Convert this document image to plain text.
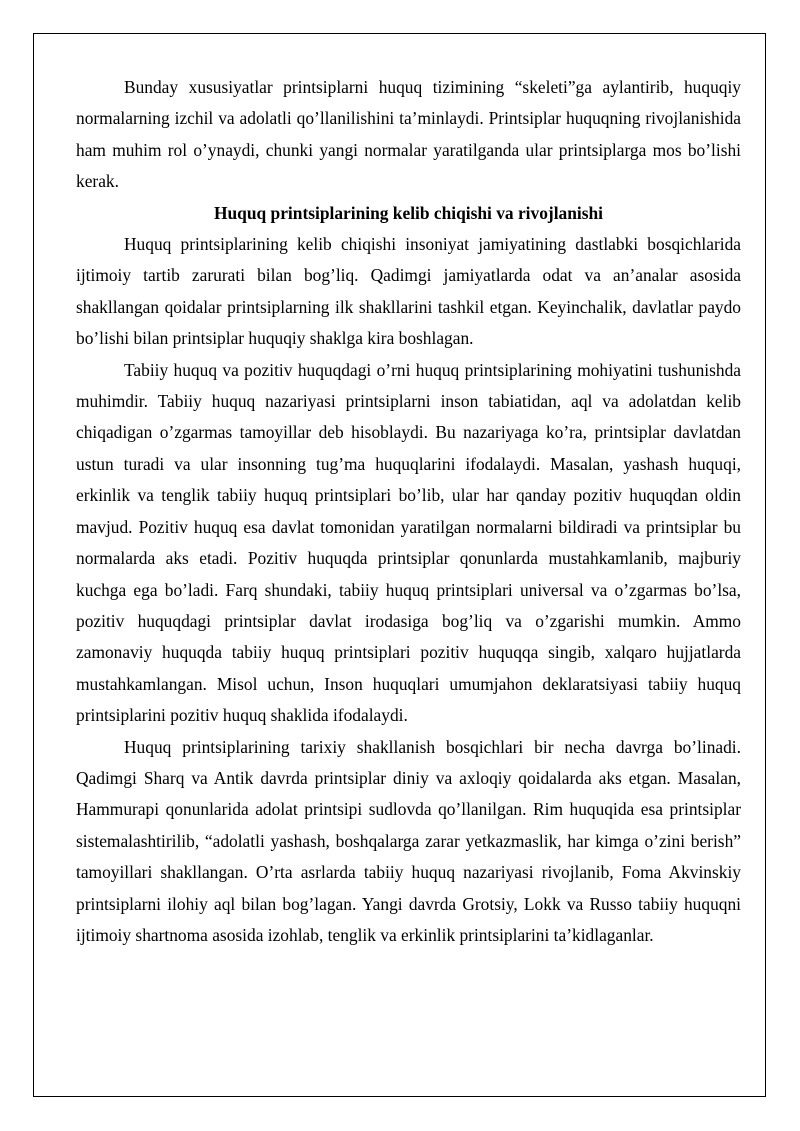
Bunday xususiyatlar printsiplarni huquq tizimining “skeleti”ga aylantirib, huquqiy normalarning izchil va adolatli qo’llanilishini ta’minlaydi. Printsiplar huquqning rivojlanishida ham muhim rol o’ynaydi, chunki yangi normalar yaratilganda ular printsiplarga mos bo’lishi kerak.

Huquq printsiplarining kelib chiqishi va rivojlanishi

Huquq printsiplarining kelib chiqishi insoniyat jamiyatining dastlabki bosqichlarida ijtimoiy tartib zarurati bilan bog’liq. Qadimgi jamiyatlarda odat va an’analar asosida shakllangan qoidalar printsiplarning ilk shakllarini tashkil etgan. Keyinchalik, davlatlar paydo bo’lishi bilan printsiplar huquqiy shaklga kira boshlagan.

Tabiiy huquq va pozitiv huquqdagi o’rni huquq printsiplarining mohiyatini tushunishda muhimdir. Tabiiy huquq nazariyasi printsiplarni inson tabiatidan, aql va adolatdan kelib chiqadigan o’zgarmas tamoyillar deb hisoblaydi. Bu nazariyaga ko’ra, printsiplar davlatdan ustun turadi va ular insonning tug’ma huquqlarini ifodalaydi. Masalan, yashash huquqi, erkinlik va tenglik tabiiy huquq printsiplari bo’lib, ular har qanday pozitiv huquqdan oldin mavjud. Pozitiv huquq esa davlat tomonidan yaratilgan normalarni bildiradi va printsiplar bu normalarda aks etadi. Pozitiv huquqda printsiplar qonunlarda mustahkamlanib, majburiy kuchga ega bo’ladi. Farq shundaki, tabiiy huquq printsiplari universal va o’zgarmas bo’lsa, pozitiv huquqdagi printsiplar davlat irodasiga bog’liq va o’zgarishi mumkin. Ammo zamonaviy huquqda tabiiy huquq printsiplari pozitiv huquqqa singib, xalqaro hujjatlarda mustahkamlangan. Misol uchun, Inson huquqlari umumjahon deklaratsiyasi tabiiy huquq printsiplarini pozitiv huquq shaklida ifodalaydi.

Huquq printsiplarining tarixiy shakllanish bosqichlari bir necha davrga bo’linadi. Qadimgi Sharq va Antik davrda printsiplar diniy va axloqiy qoidalarda aks etgan. Masalan, Hammurapi qonunlarida adolat printsipi sudlovda qo’llanilgan. Rim huquqida esa printsiplar sistemalashtirilib, “adolatli yashash, boshqalarga zarar yetkazmaslik, har kimga o’zini berish” tamoyillari shakllangan. O’rta asrlarda tabiiy huquq nazariyasi rivojlanib, Foma Akvinskiy printsiplarni ilohiy aql bilan bog’lagan. Yangi davrda Grotsiy, Lokk va Russo tabiiy huquqni ijtimoiy shartnoma asosida izohlab, tenglik va erkinlik printsiplarini ta’kidlaganlar.
